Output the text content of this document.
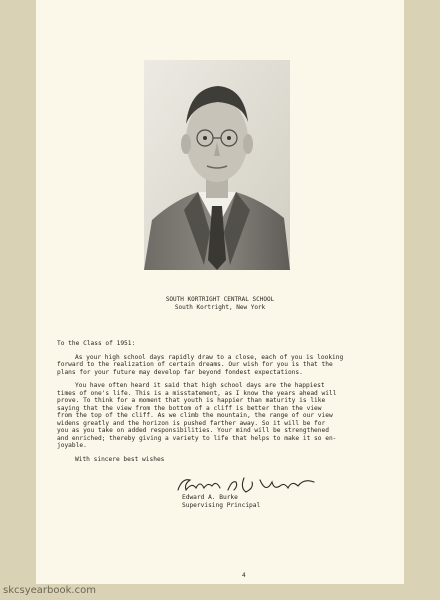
SOUTH KORTRIGHT CENTRAL SCHOOL
South Kortright, New York

To the Class of 1951:

As your high school days rapidly draw to a close, each of you is looking
forward to the realization of certain dreams. Our wish for you is that the
plans for your future may develop far beyond fondest expectations.

You have often heard it said that high school days are the happiest
times of one's life. This is a misstatement, as I know the years ahead will
prove. To think for a moment that youth is happier than maturity is like
saying that the view from the bottom of a cliff is better than the view
from the top of the cliff. As we climb the mountain, the range of our view
widens greatly and the horizon is pushed farther away. So it will be for
you as you take on added responsibilities. Your mind will be strengthened
and enriched; thereby giving a variety to life that helps to make it so en-
joyable.

With sincere best wishes
Edward A. Burke
Supervising Principal
4
skcsyearbook.com
